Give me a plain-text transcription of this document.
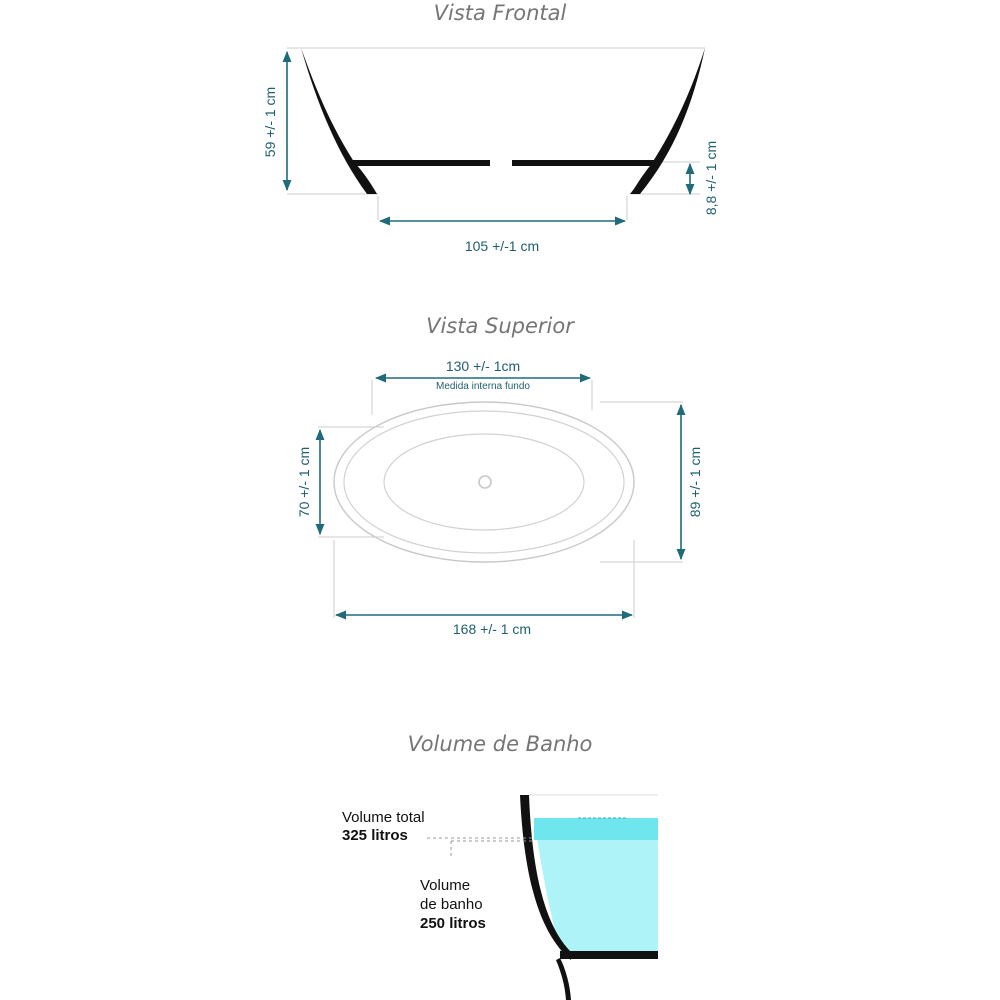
Vista Frontal
59 +/- 1 cm
8,8 +/- 1 cm
105 +/-1 cm
Vista Superior
130 +/- 1cm
Medida interna fundo
70 +/- 1 cm	89 +/- 1 cm
168 +/- 1 cm
Volume de Banho
Volume total
325 litros
Volume
de banho
250 litros
